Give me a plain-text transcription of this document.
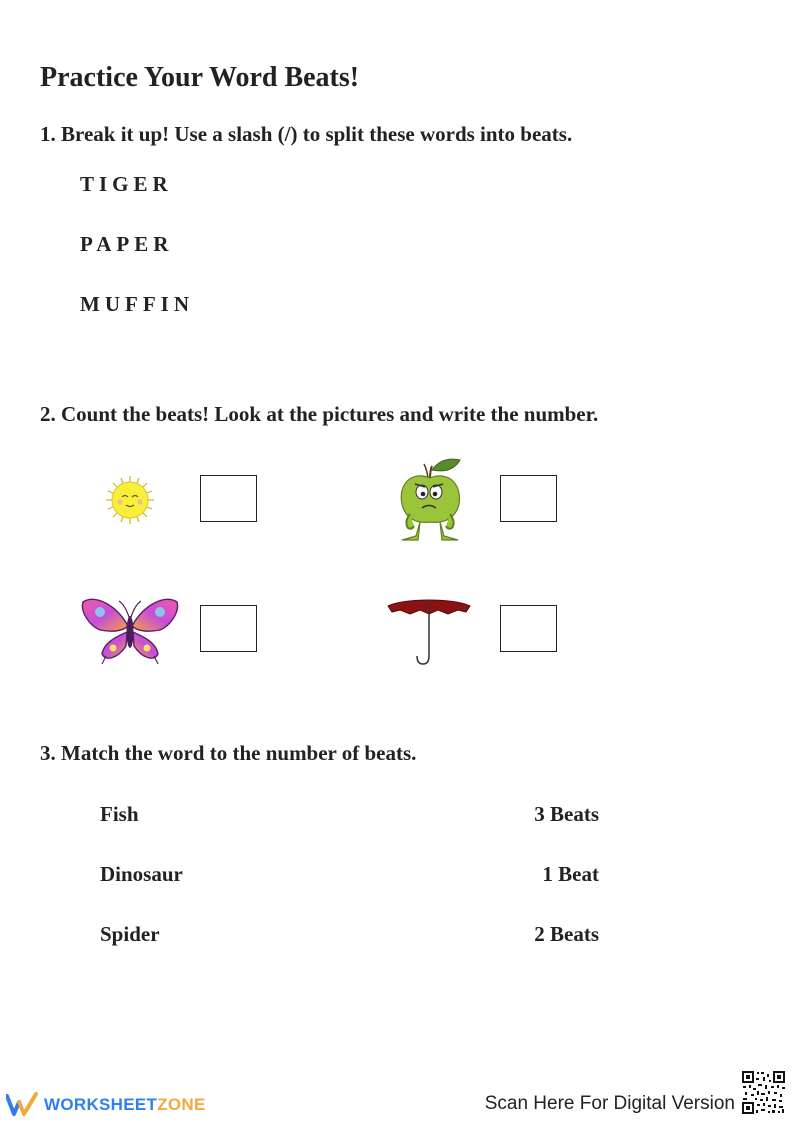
Practice Your Word Beats!

1. Break it up! Use a slash (/) to split these words into beats.

TIGER
PAPER
MUFFIN

2. Count the beats! Look at the pictures and write the number.

3. Match the word to the number of beats.

Fish
Dinosaur
Spider
3 Beats
1 Beat
2 Beats
WORKSHEETZONE	Scan Here For Digital Version
